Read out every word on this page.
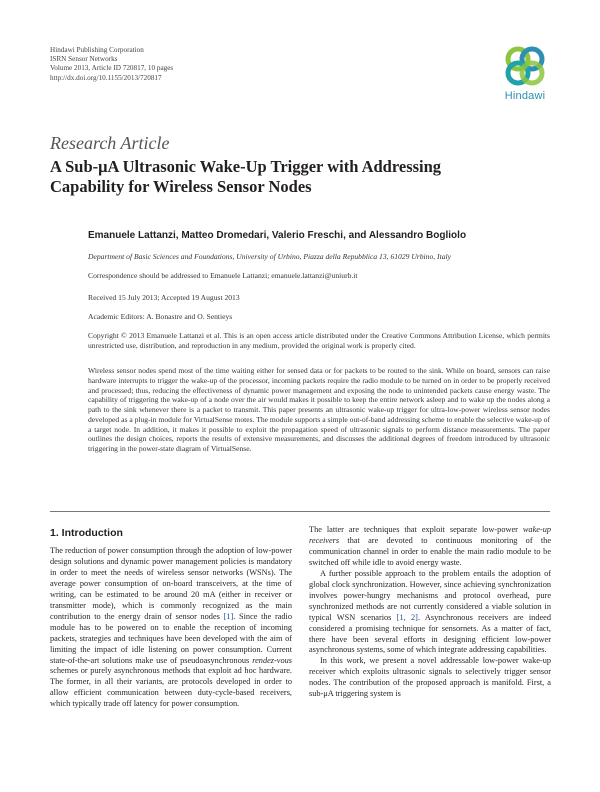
Hindawi Publishing Corporation
ISRN Sensor Networks
Volume 2013, Article ID 720817, 10 pages
http://dx.doi.org/10.1155/2013/720817
Hindawi
Research Article
A Sub-μA Ultrasonic Wake-Up Trigger with Addressing
Capability for Wireless Sensor Nodes
Emanuele Lattanzi, Matteo Dromedari, Valerio Freschi, and Alessandro Bogliolo
Department of Basic Sciences and Foundations, University of Urbino, Piazza della Repubblica 13, 61029 Urbino, Italy
Correspondence should be addressed to Emanuele Lattanzi; emanuele.lattanzi@uniurb.it
Received 15 July 2013; Accepted 19 August 2013
Academic Editors: A. Bonastre and O. Sentieys
Copyright © 2013 Emanuele Lattanzi et al. This is an open access article distributed under the Creative Commons Attribution License, which permits unrestricted use, distribution, and reproduction in any medium, provided the original work is properly cited.
Wireless sensor nodes spend most of the time waiting either for sensed data or for packets to be routed to the sink. While on board, sensors can raise hardware interrupts to trigger the wake-up of the processor, incoming packets require the radio module to be turned on in order to be properly received and processed; thus, reducing the effectiveness of dynamic power management and exposing the node to unintended packets cause energy waste. The capability of triggering the wake-up of a node over the air would makes it possible to keep the entire network asleep and to wake up the nodes along a path to the sink whenever there is a packet to transmit. This paper presents an ultrasonic wake-up trigger for ultra-low-power wireless sensor nodes developed as a plug-in module for VirtualSense motes. The module supports a simple out-of-band addressing scheme to enable the selective wake-up of a target node. In addition, it makes it possible to exploit the propagation speed of ultrasonic signals to perform distance measurements. The paper outlines the design choices, reports the results of extensive measurements, and discusses the additional degrees of freedom introduced by ultrasonic triggering in the power-state diagram of VirtualSense.
1. Introduction

The reduction of power consumption through the adoption of low-power design solutions and dynamic power management policies is mandatory in order to meet the needs of wireless sensor networks (WSNs). The average power consumption of on-board transceivers, at the time of writing, can be estimated to be around 20 mA (either in receiver or transmitter mode), which is commonly recognized as the main contribution to the energy drain of sensor nodes [1]. Since the radio module has to be powered on to enable the reception of incoming packets, strategies and techniques have been developed with the aim of limiting the impact of idle listening on power consumption. Current state-of-the-art solutions make use of pseudoasynchronous rendez-vous schemes or purely asynchronous methods that exploit ad hoc hardware. The former, in all their variants, are protocols developed in order to allow efficient communication between duty-cycle-based receivers, which typically trade off latency for power consumption.

The latter are techniques that exploit separate low-power wake-up receivers that are devoted to continuous monitoring of the communication channel in order to enable the main radio module to be switched off while idle to avoid energy waste.

A further possible approach to the problem entails the adoption of global clock synchronization. However, since achieving synchronization involves power-hungry mechanisms and protocol overhead, pure synchronized methods are not currently considered a viable solution in typical WSN scenarios [1, 2]. Asynchronous receivers are indeed considered a promising technique for sensornets. As a matter of fact, there have been several efforts in designing efficient low-power asynchronous systems, some of which integrate addressing capabilities.

In this work, we present a novel addressable low-power wake-up receiver which exploits ultrasonic signals to selectively trigger sensor nodes. The contribution of the proposed approach is manifold. First, a sub-μA triggering system is
